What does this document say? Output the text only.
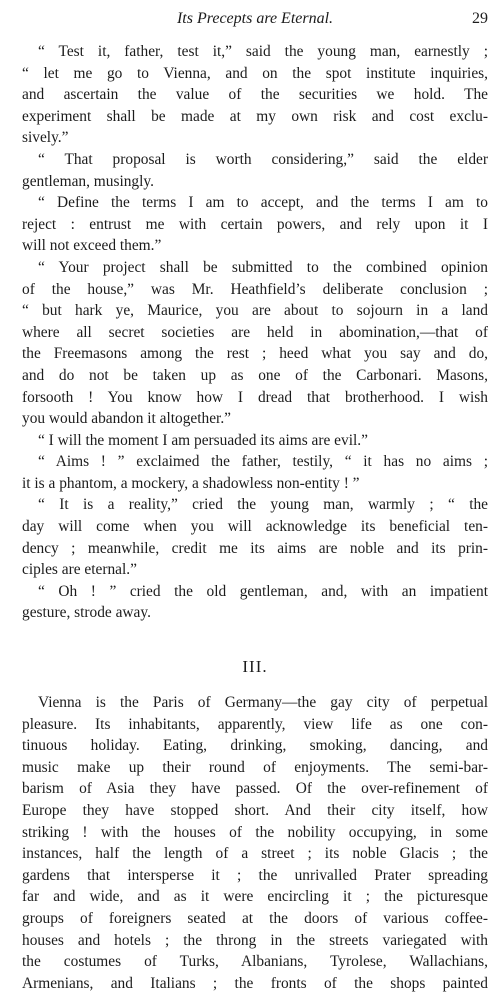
Its Precepts are Eternal.	29
“ Test it, father, test it,” said the young man, earnestly ;
“ let me go to Vienna, and on the spot institute inquiries,
and ascertain the value of the securities we hold. The
experiment shall be made at my own risk and cost exclu-
sively.”
“ That proposal is worth considering,” said the elder
gentleman, musingly.
“ Define the terms I am to accept, and the terms I am to
reject : entrust me with certain powers, and rely upon it I
will not exceed them.”
“ Your project shall be submitted to the combined opinion
of the house,” was Mr. Heathfield’s deliberate conclusion ;
“ but hark ye, Maurice, you are about to sojourn in a land
where all secret societies are held in abomination,—that of
the Freemasons among the rest ; heed what you say and do,
and do not be taken up as one of the Carbonari. Masons,
forsooth ! You know how I dread that brotherhood. I wish
you would abandon it altogether.”
“ I will the moment I am persuaded its aims are evil.”
“ Aims ! ” exclaimed the father, testily, “ it has no aims ;
it is a phantom, a mockery, a shadowless non-entity ! ”
“ It is a reality,” cried the young man, warmly ; “ the
day will come when you will acknowledge its beneficial ten-
dency ; meanwhile, credit me its aims are noble and its prin-
ciples are eternal.”
“ Oh ! ” cried the old gentleman, and, with an impatient
gesture, strode away.
III.
Vienna is the Paris of Germany—the gay city of perpetual
pleasure. Its inhabitants, apparently, view life as one con-
tinuous holiday. Eating, drinking, smoking, dancing, and
music make up their round of enjoyments. The semi-bar-
barism of Asia they have passed. Of the over-refinement of
Europe they have stopped short. And their city itself, how
striking ! with the houses of the nobility occupying, in some
instances, half the length of a street ; its noble Glacis ; the
gardens that intersperse it ; the unrivalled Prater spreading
far and wide, and as it were encircling it ; the picturesque
groups of foreigners seated at the doors of various coffee-
houses and hotels ; the throng in the streets variegated with
the costumes of Turks, Albanians, Tyrolese, Wallachians,
Armenians, and Italians ; the fronts of the shops painted
